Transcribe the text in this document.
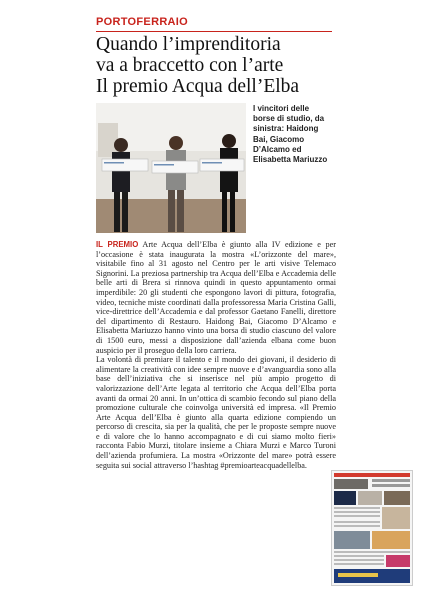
PORTOFERRAIO
Quando l’imprenditoria
va a braccetto con l’arte
Il premio Acqua dell’Elba
I vincitori delle borse di studio, da sinistra: Haidong Bai, Giacomo D’Alcamo ed Elisabetta Mariuzzo

IL PREMIO Arte Acqua dell’Elba è giunto alla IV edizione e per l’occasione è stata inaugurata la mostra «L’orizzonte del mare», visitabile fino al 31 agosto nel Centro per le arti visive Telemaco Signorini. La preziosa partnership tra Acqua dell’Elba e Accademia delle belle arti di Brera si rinnova quindi in questo appuntamento ormai imperdibile: 20 gli studenti che espongono lavori di pittura, fotografia, video, tecniche miste coordinati dalla professoressa Maria Cristina Galli, vice-direttrice dell’Accademia e dal professor Gaetano Fanelli, direttore del dipartimento di Restauro. Haidong Bai, Giacomo D’Alcamo e Elisabetta Mariuzzo hanno vinto una borsa di studio ciascuno del valore di 1500 euro, messi a disposizione dall’azienda elbana come buon auspicio per il proseguo della loro carriera.

La volontà di premiare il talento e il mondo dei giovani, il desiderio di alimentare la creatività con idee sempre nuove e d’avanguardia sono alla base dell’iniziativa che si inserisce nel più ampio progetto di valorizzazione dell’Arte legata al territorio che Acqua dell’Elba porta avanti da ormai 20 anni. In un’ottica di scambio fecondo sul piano della promozione culturale che coinvolga università ed impresa. «Il Premio Arte Acqua dell’Elba è giunto alla quarta edizione compiendo un percorso di crescita, sia per la qualità, che per le proposte sempre nuove e di valore che lo hanno accompagnato e di cui siamo molto fieri» racconta Fabio Murzi, titolare insieme a Chiara Murzi e Marco Turoni dell’azienda profumiera. La mostra «Orizzonte del mare» potrà essere seguita sui social attraverso l’hashtag #premioarteacquadellelba.
